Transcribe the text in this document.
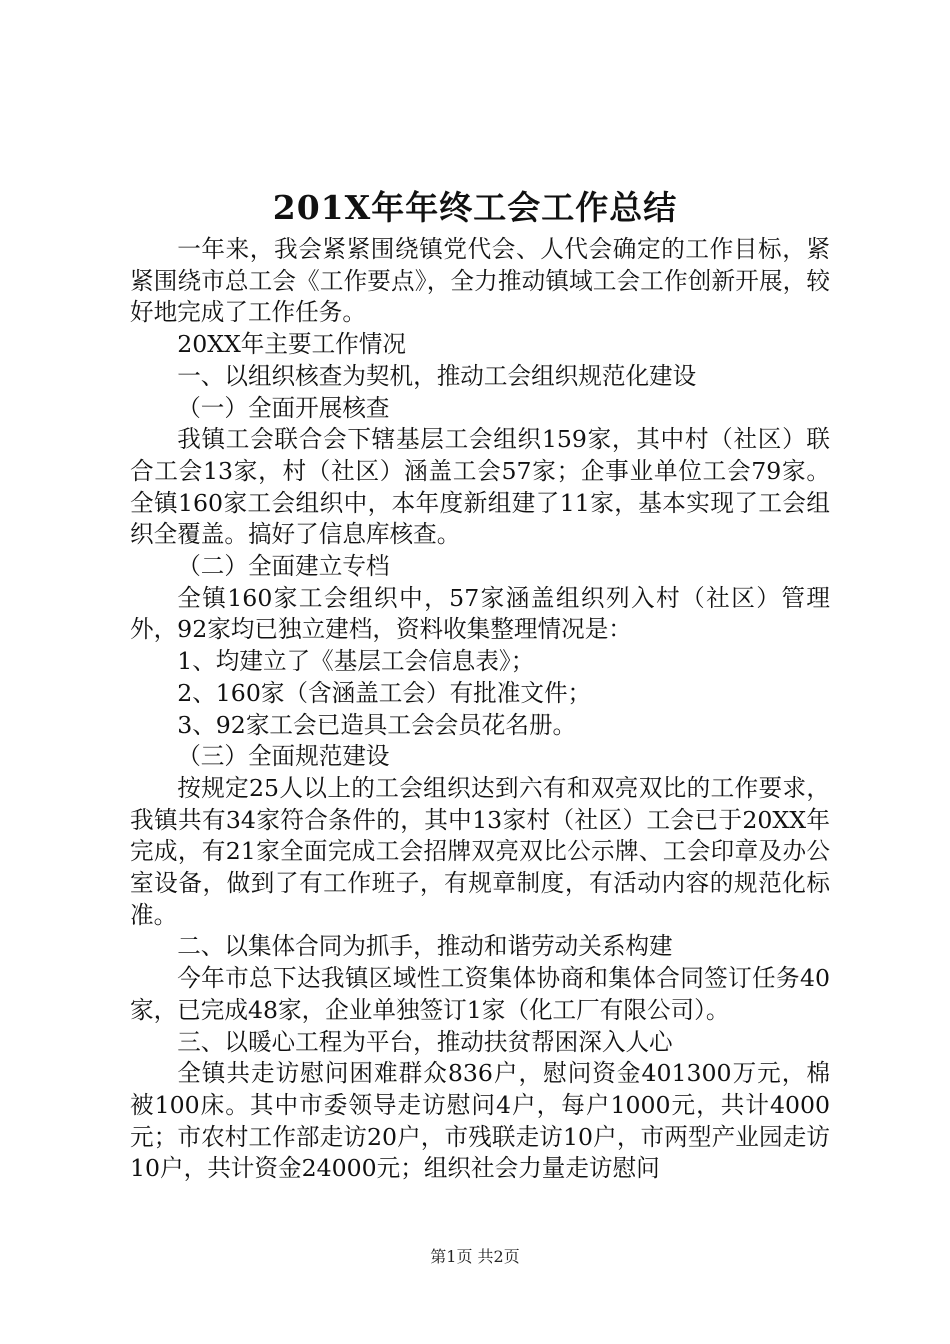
201X年年终工会工作总结

一年来，我会紧紧围绕镇党代会、人代会确定的工作目标，紧紧围绕市总工会《工作要点》，全力推动镇域工会工作创新开展，较好地完成了工作任务。

20XX年主要工作情况

一、以组织核查为契机，推动工会组织规范化建设

（一）全面开展核查

我镇工会联合会下辖基层工会组织159家，其中村（社区）联合工会13家，村（社区）涵盖工会57家；企事业单位工会79家。全镇160家工会组织中，本年度新组建了11家，基本实现了工会组织全覆盖。搞好了信息库核查。

（二）全面建立专档

全镇160家工会组织中，57家涵盖组织列入村（社区）管理外，92家均已独立建档，资料收集整理情况是：

1、均建立了《基层工会信息表》；

2、160家（含涵盖工会）有批准文件；

3、92家工会已造具工会会员花名册。

（三）全面规范建设

按规定25人以上的工会组织达到六有和双亮双比的工作要求，我镇共有34家符合条件的，其中13家村（社区）工会已于20XX年完成，有21家全面完成工会招牌双亮双比公示牌、工会印章及办公室设备，做到了有工作班子，有规章制度，有活动内容的规范化标准。

二、以集体合同为抓手，推动和谐劳动关系构建

今年市总下达我镇区域性工资集体协商和集体合同签订任务40家，已完成48家，企业单独签订1家（化工厂有限公司）。

三、以暖心工程为平台，推动扶贫帮困深入人心

全镇共走访慰问困难群众836户，慰问资金401300万元，棉被100床。其中市委领导走访慰问4户，每户1000元，共计4000元；市农村工作部走访20户，市残联走访10户，市两型产业园走访10户，共计资金24000元；组织社会力量走访慰问

第1页 共2页
